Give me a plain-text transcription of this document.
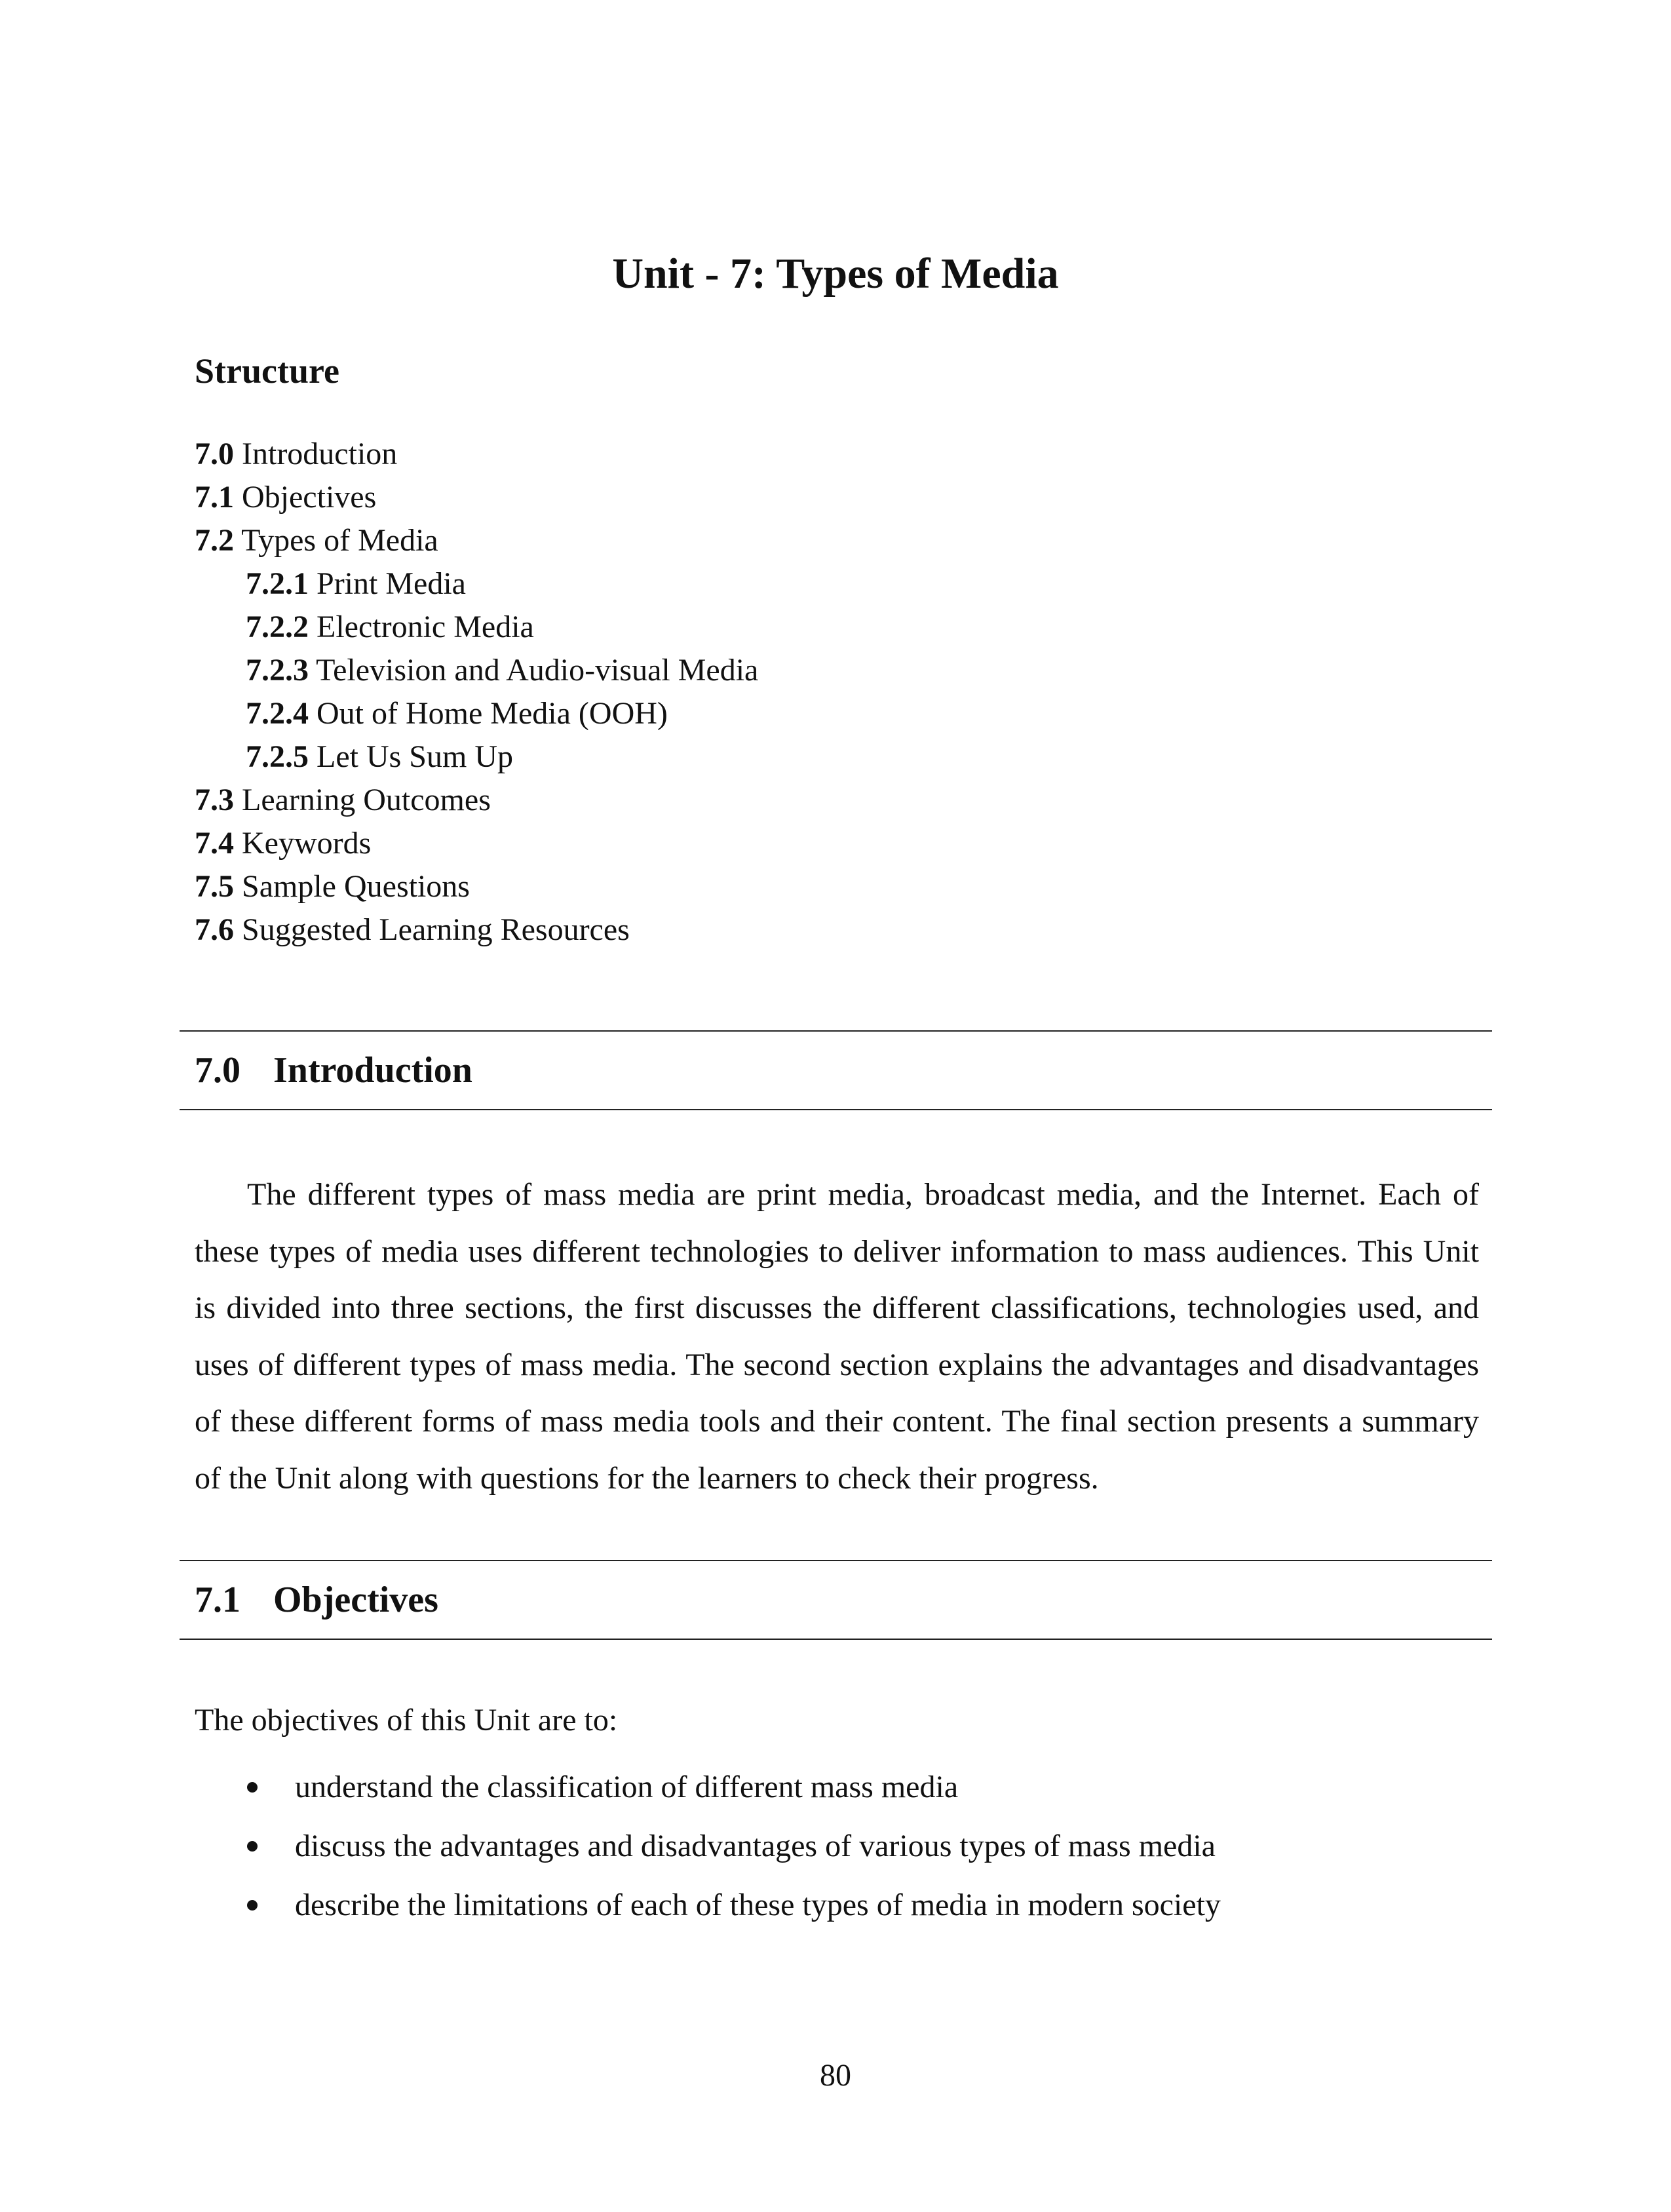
Unit - 7: Types of Media
Structure
7.0 Introduction
7.1 Objectives
7.2 Types of Media
7.2.1 Print Media
7.2.2 Electronic Media
7.2.3 Television and Audio-visual Media
7.2.4 Out of Home Media (OOH)
7.2.5 Let Us Sum Up
7.3 Learning Outcomes
7.4 Keywords
7.5 Sample Questions
7.6 Suggested Learning Resources
7.0 Introduction

The different types of mass media are print media, broadcast media, and the Internet. Each of these types of media uses different technologies to deliver information to mass audiences. This Unit is divided into three sections, the first discusses the different classifications, technologies used, and uses of different types of mass media. The second section explains the advantages and disadvantages of these different forms of mass media tools and their content. The final section presents a summary of the Unit along with questions for the learners to check their progress.

7.1 Objectives

The objectives of this Unit are to:

understand the classification of different mass media
discuss the advantages and disadvantages of various types of mass media
describe the limitations of each of these types of media in modern society

80
